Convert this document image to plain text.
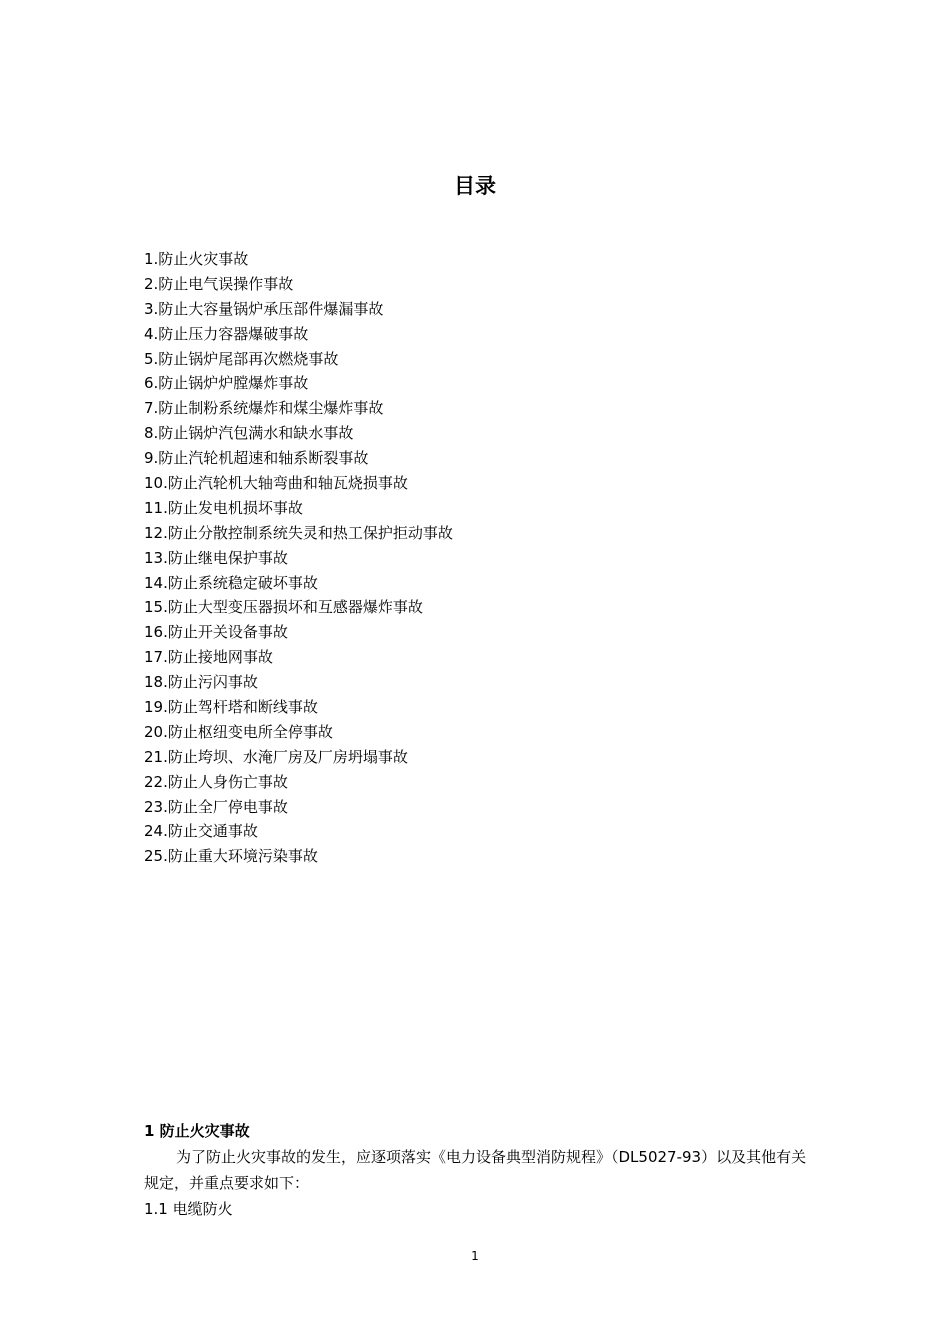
目录
1.防止火灾事故
2.防止电气误操作事故
3.防止大容量锅炉承压部件爆漏事故
4.防止压力容器爆破事故
5.防止锅炉尾部再次燃烧事故
6.防止锅炉炉膛爆炸事故
7.防止制粉系统爆炸和煤尘爆炸事故
8.防止锅炉汽包满水和缺水事故
9.防止汽轮机超速和轴系断裂事故
10.防止汽轮机大轴弯曲和轴瓦烧损事故
11.防止发电机损坏事故
12.防止分散控制系统失灵和热工保护拒动事故
13.防止继电保护事故
14.防止系统稳定破坏事故
15.防止大型变压器损坏和互感器爆炸事故
16.防止开关设备事故
17.防止接地网事故
18.防止污闪事故
19.防止驾杆塔和断线事故
20.防止枢纽变电所全停事故
21.防止垮坝、水淹厂房及厂房坍塌事故
22.防止人身伤亡事故
23.防止全厂停电事故
24.防止交通事故
25.防止重大环境污染事故
1 防止火灾事故

为了防止火灾事故的发生，应逐项落实《电力设备典型消防规程》（DL5027-93）以及其他有关规定，并重点要求如下：

1.1 电缆防火
1
